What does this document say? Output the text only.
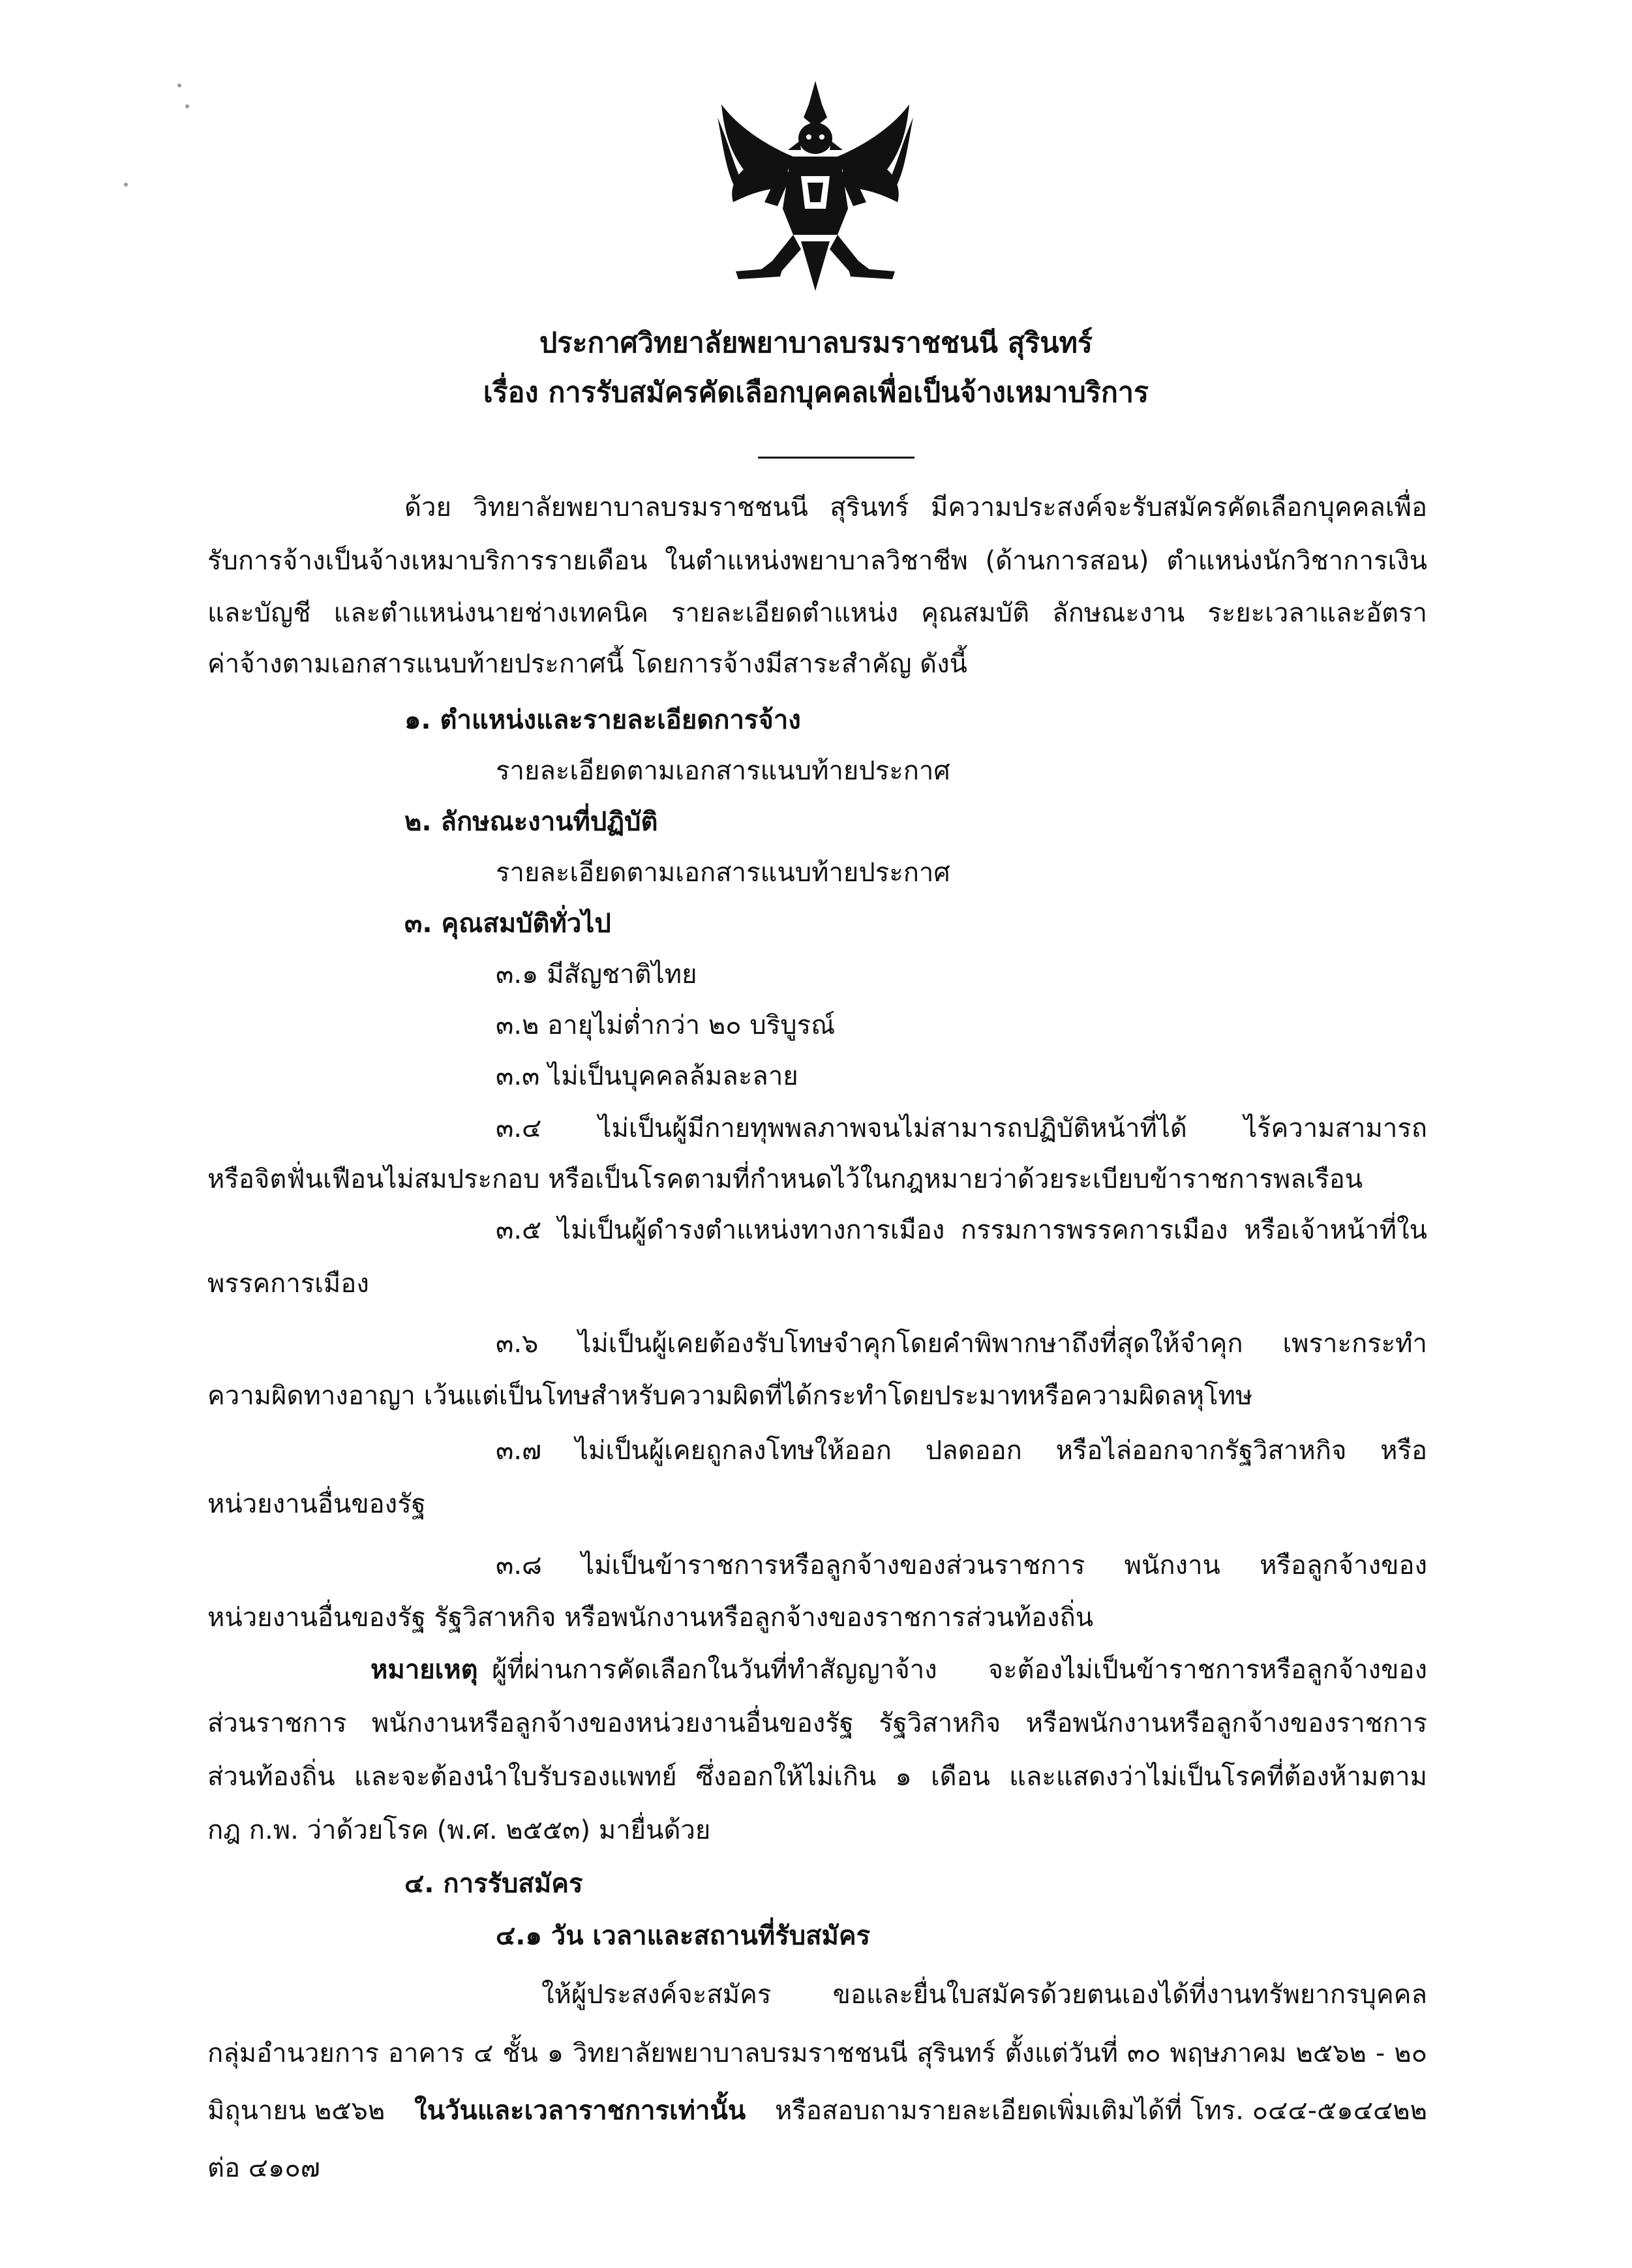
ประกาศวิทยาลัยพยาบาลบรมราชชนนี สุรินทร์
เรื่อง การรับสมัครคัดเลือกบุคคลเพื่อเป็นจ้างเหมาบริการ
ด้วย วิทยาลัยพยาบาลบรมราชชนนี สุรินทร์ มีความประสงค์จะรับสมัครคัดเลือกบุคคลเพื่อ
รับการจ้างเป็นจ้างเหมาบริการรายเดือน ในตำแหน่งพยาบาลวิชาชีพ (ด้านการสอน) ตำแหน่งนักวิชาการเงิน
และบัญชี และตำแหน่งนายช่างเทคนิค รายละเอียดตำแหน่ง คุณสมบัติ ลักษณะงาน ระยะเวลาและอัตรา
ค่าจ้างตามเอกสารแนบท้ายประกาศนี้ โดยการจ้างมีสาระสำคัญ ดังนี้
๑. ตำแหน่งและรายละเอียดการจ้าง
รายละเอียดตามเอกสารแนบท้ายประกาศ
๒. ลักษณะงานที่ปฏิบัติ
รายละเอียดตามเอกสารแนบท้ายประกาศ
๓. คุณสมบัติทั่วไป
๓.๑ มีสัญชาติไทย
๓.๒ อายุไม่ต่ำกว่า ๒๐ บริบูรณ์
๓.๓ ไม่เป็นบุคคลล้มละลาย
๓.๔ ไม่เป็นผู้มีกายทุพพลภาพจนไม่สามารถปฏิบัติหน้าที่ได้ ไร้ความสามารถ
หรือจิตฟั่นเฟือนไม่สมประกอบ หรือเป็นโรคตามที่กำหนดไว้ในกฎหมายว่าด้วยระเบียบข้าราชการพลเรือน
๓.๕ ไม่เป็นผู้ดำรงตำแหน่งทางการเมือง กรรมการพรรคการเมือง หรือเจ้าหน้าที่ใน
พรรคการเมือง
๓.๖ ไม่เป็นผู้เคยต้องรับโทษจำคุกโดยคำพิพากษาถึงที่สุดให้จำคุก เพราะกระทำ
ความผิดทางอาญา เว้นแต่เป็นโทษสำหรับความผิดที่ได้กระทำโดยประมาทหรือความผิดลหุโทษ
๓.๗ ไม่เป็นผู้เคยถูกลงโทษให้ออก ปลดออก หรือไล่ออกจากรัฐวิสาหกิจ หรือ
หน่วยงานอื่นของรัฐ
๓.๘ ไม่เป็นข้าราชการหรือลูกจ้างของส่วนราชการ พนักงาน หรือลูกจ้างของ
หน่วยงานอื่นของรัฐ รัฐวิสาหกิจ หรือพนักงานหรือลูกจ้างของราชการส่วนท้องถิ่น
หมายเหตุ ผู้ที่ผ่านการคัดเลือกในวันที่ทำสัญญาจ้าง จะต้องไม่เป็นข้าราชการหรือลูกจ้างของ
ส่วนราชการ พนักงานหรือลูกจ้างของหน่วยงานอื่นของรัฐ รัฐวิสาหกิจ หรือพนักงานหรือลูกจ้างของราชการ
ส่วนท้องถิ่น และจะต้องนำใบรับรองแพทย์ ซึ่งออกให้ไม่เกิน ๑ เดือน และแสดงว่าไม่เป็นโรคที่ต้องห้ามตาม
กฎ ก.พ. ว่าด้วยโรค (พ.ศ. ๒๕๕๓) มายื่นด้วย
๔. การรับสมัคร
๔.๑ วัน เวลาและสถานที่รับสมัคร
ให้ผู้ประสงค์จะสมัคร ขอและยื่นใบสมัครด้วยตนเองได้ที่งานทรัพยากรบุคคล
กลุ่มอำนวยการ อาคาร ๔ ชั้น ๑ วิทยาลัยพยาบาลบรมราชชนนี สุรินทร์ ตั้งแต่วันที่ ๓๐ พฤษภาคม ๒๕๖๒ - ๒๐
มิถุนายน ๒๕๖๒ ในวันและเวลาราชการเท่านั้น หรือสอบถามรายละเอียดเพิ่มเติมได้ที่ โทร. ๐๔๔-๕๑๔๔๒๒
ต่อ ๔๑๐๗
